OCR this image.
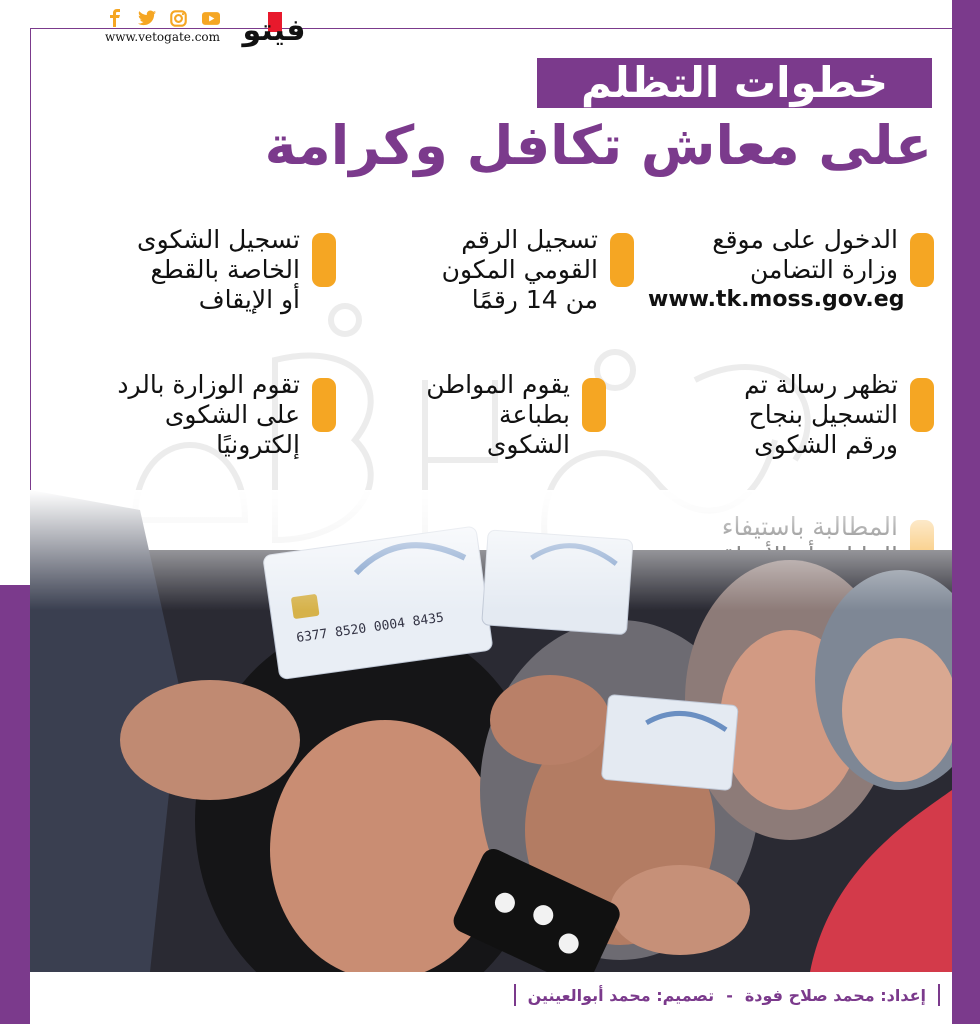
www.vetogate.com فيتو
خطوات التظلم
على معاش تكافل وكرامة
الدخول على موقع
وزارة التضامن
www.tk.moss.gov.eg
تسجيل الرقم
القومي المكون
من 14 رقمًا
تسجيل الشكوى
الخاصة بالقطع
أو الإيقاف
تظهر رسالة تم
التسجيل بنجاح
ورقم الشكوى
يقوم المواطن
بطباعة
الشكوى
تقوم الوزارة بالرد
على الشكوى
إلكترونيًا
إعداد: محمد صلاح فودة
-
تصميم: محمد أبوالعينين
